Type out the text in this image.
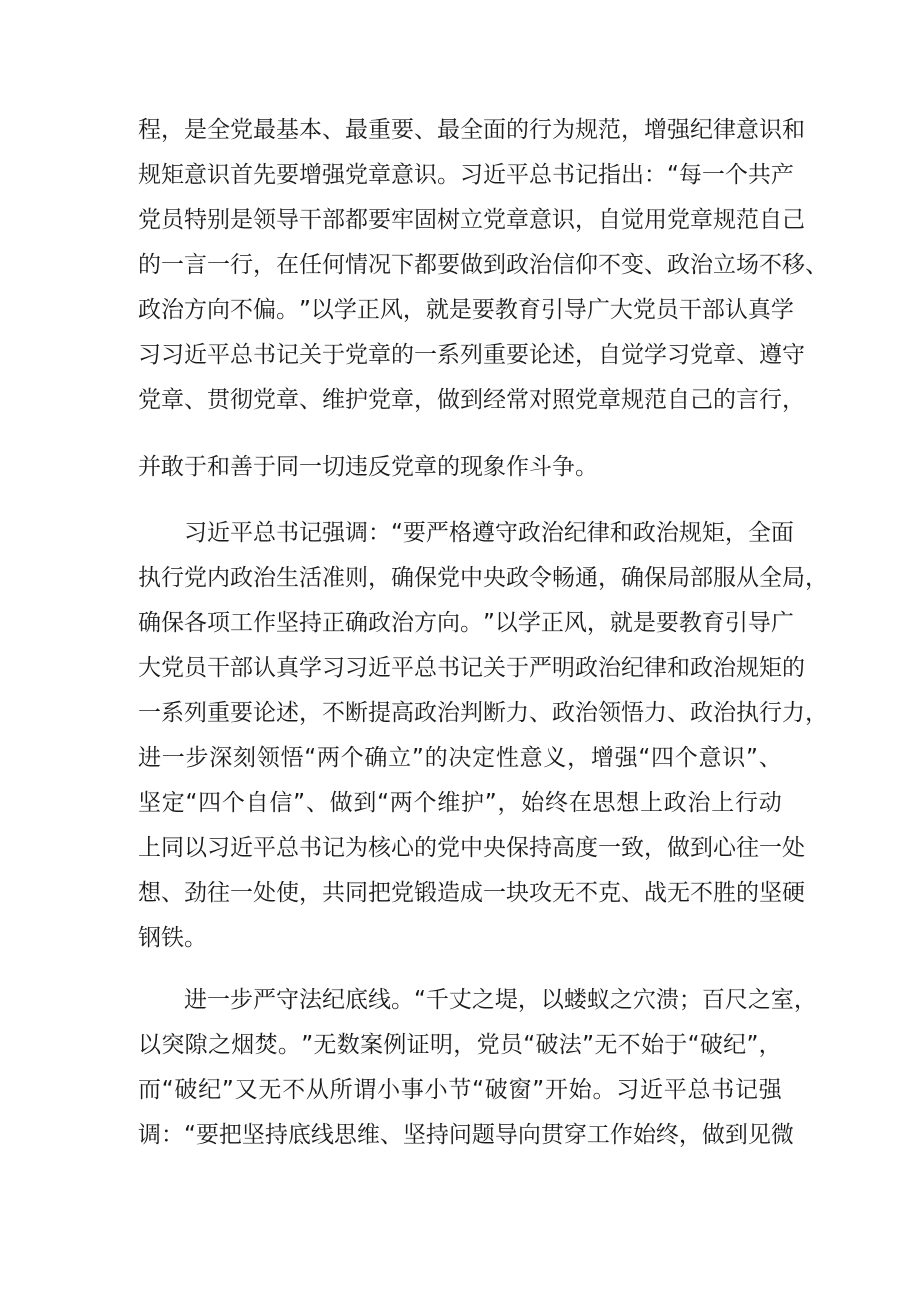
程 ， 是 全 党 最 基 本 、 最 重 要 、 最 全 面 的 行 为 规 范 ， 增 强 纪 律 意 识 和
规 矩 意 识 首 先 要 增 强 党 章 意 识 。 习 近 平 总 书 记 指 出 ： “ 每 一 个 共 产
党 员 特 别 是 领 导 干 部 都 要 牢 固 树 立 党 章 意 识 ， 自 觉 用 党 章 规 范 自 己
的 一 言 一 行 ， 在 任 何 情 况 下 都 要 做 到 政 治 信 仰 不 变 、 政 治 立 场 不 移 、
政 治 方 向 不 偏 。 ” 以 学 正 风 ， 就 是 要 教 育 引 导 广 大 党 员 干 部 认 真 学
习 习 近 平 总 书 记 关 于 党 章 的 一 系 列 重 要 论 述 ， 自 觉 学 习 党 章 、 遵 守
党 章 、 贯 彻 党 章 、 维 护 党 章 ， 做 到 经 常 对 照 党 章 规 范 自 己 的 言 行 ，
并敢于和善于同一切违反党章的现象作斗争。
习 近 平 总 书 记 强 调 ： “ 要 严 格 遵 守 政 治 纪 律 和 政 治 规 矩 ， 全 面
执 行 党 内 政 治 生 活 准 则 ， 确 保 党 中 央 政 令 畅 通 ， 确 保 局 部 服 从 全 局 ，
确 保 各 项 工 作 坚 持 正 确 政 治 方 向 。 ” 以 学 正 风 ， 就 是 要 教 育 引 导 广
大 党 员 干 部 认 真 学 习 习 近 平 总 书 记 关 于 严 明 政 治 纪 律 和 政 治 规 矩 的
一 系 列 重 要 论 述 ， 不 断 提 高 政 治 判 断 力 、 政 治 领 悟 力 、 政 治 执 行 力 ，
进 一 步 深 刻 领 悟 “ 两 个 确 立 ” 的 决 定 性 意 义 ， 增 强 “ 四 个 意 识 ” 、
坚 定 “ 四 个 自 信 ” 、 做 到 “ 两 个 维 护 ” ， 始 终 在 思 想 上 政 治 上 行 动
上 同 以 习 近 平 总 书 记 为 核 心 的 党 中 央 保 持 高 度 一 致 ， 做 到 心 往 一 处
想 、 劲 往 一 处 使 ， 共 同 把 党 锻 造 成 一 块 攻 无 不 克 、 战 无 不 胜 的 坚 硬
钢铁。
进 一 步 严 守 法 纪 底 线 。 “ 千 丈 之 堤 ， 以 蝼 蚁 之 穴 溃 ； 百 尺 之 室 ，
以 突 隙 之 烟 焚 。 ” 无 数 案 例 证 明 ， 党 员 “ 破 法 ” 无 不 始 于 “ 破 纪 ” ，
而 “ 破 纪 ” 又 无 不 从 所 谓 小 事 小 节 “ 破 窗 ” 开 始 。 习 近 平 总 书 记 强
调 ： “ 要 把 坚 持 底 线 思 维 、 坚 持 问 题 导 向 贯 穿 工 作 始 终 ， 做 到 见 微
